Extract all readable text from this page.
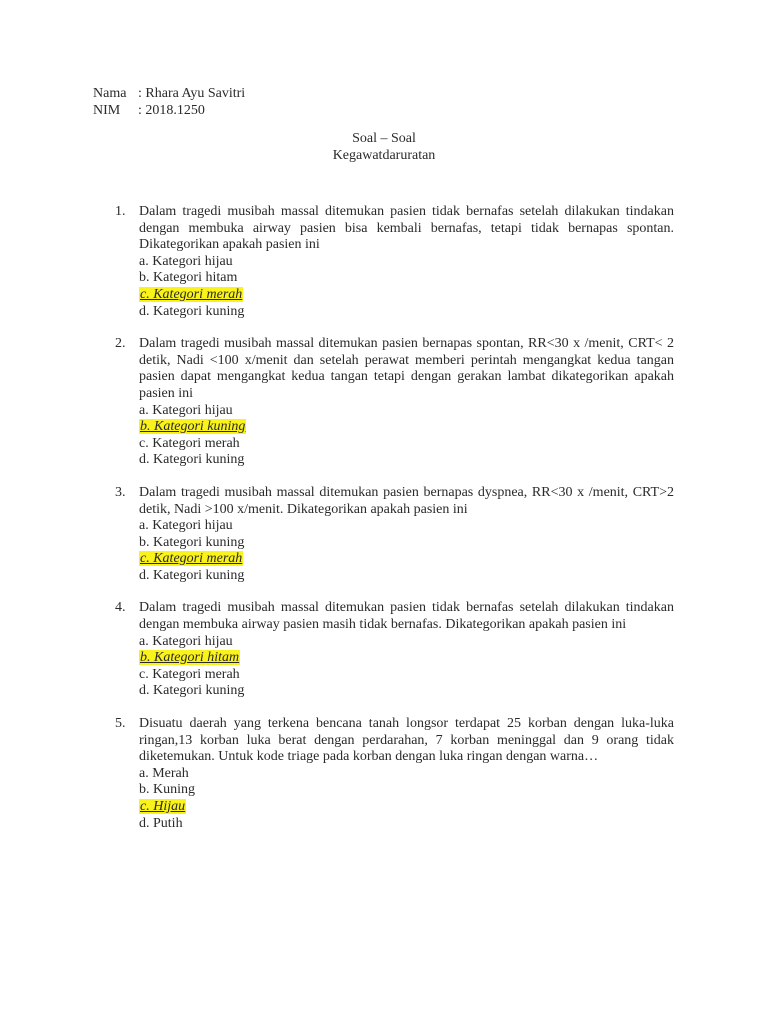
Nama : Rhara Ayu Savitri
NIM	: 2018.1250
Soal – Soal
Kegawatdaruratan
1. Dalam tragedi musibah massal ditemukan pasien tidak bernafas setelah dilakukan tindakan dengan membuka airway pasien bisa kembali bernafas, tetapi tidak bernapas spontan. Dikategorikan apakah pasien ini
a. Kategori hijau
b. Kategori hitam
c. Kategori merah
d. Kategori kuning
2. Dalam tragedi musibah massal ditemukan pasien bernapas spontan, RR<30 x /menit, CRT< 2 detik, Nadi <100 x/menit dan setelah perawat memberi perintah mengangkat kedua tangan pasien dapat mengangkat kedua tangan tetapi dengan gerakan lambat dikategorikan apakah pasien ini
a. Kategori hijau
b. Kategori kuning
c. Kategori merah
d. Kategori kuning
3. Dalam tragedi musibah massal ditemukan pasien bernapas dyspnea, RR<30 x /menit, CRT>2 detik, Nadi >100 x/menit. Dikategorikan apakah pasien ini
a. Kategori hijau
b. Kategori kuning
c. Kategori merah
d. Kategori kuning
4. Dalam tragedi musibah massal ditemukan pasien tidak bernafas setelah dilakukan tindakan dengan membuka airway pasien masih tidak bernafas. Dikategorikan apakah pasien ini
a. Kategori hijau
b. Kategori hitam
c. Kategori merah
d. Kategori kuning
5. Disuatu daerah yang terkena bencana tanah longsor terdapat 25 korban dengan luka-luka ringan,13 korban luka berat dengan perdarahan, 7 korban meninggal dan 9 orang tidak diketemukan. Untuk kode triage pada korban dengan luka ringan dengan warna…
a. Merah
b. Kuning
c. Hijau
d. Putih
